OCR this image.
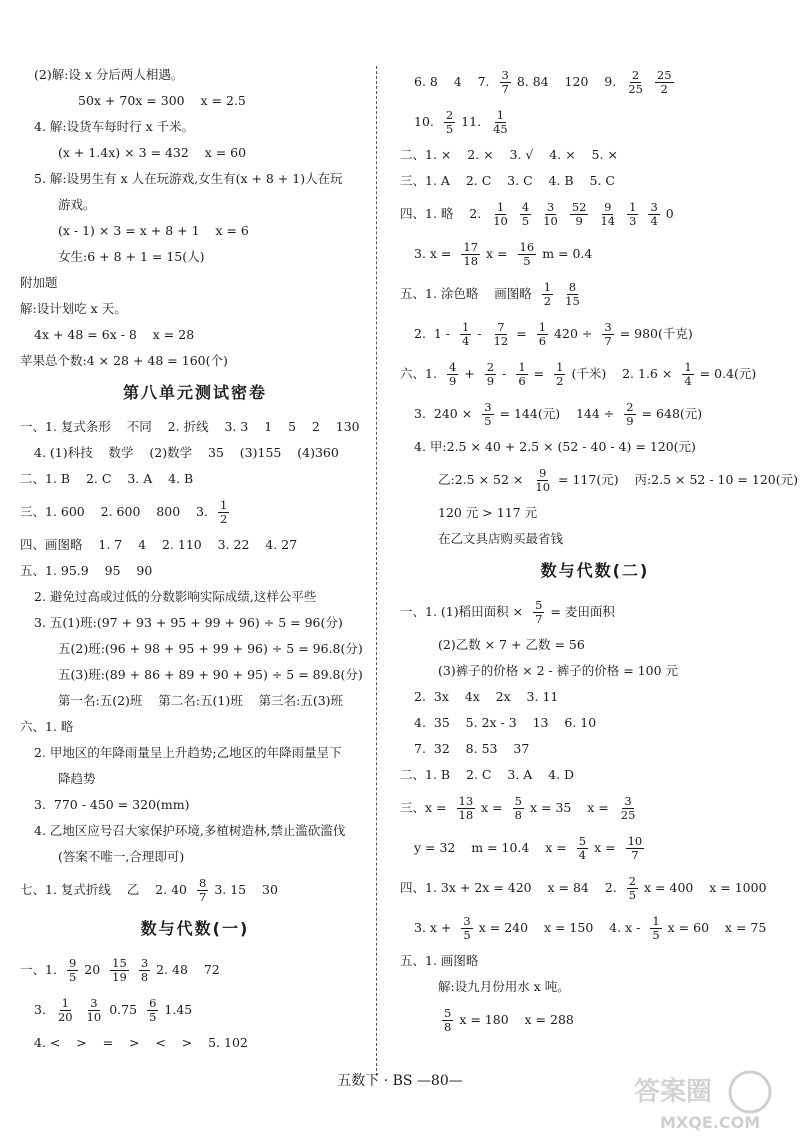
(2)解:设 x 分后两人相遇。
50x + 70x = 300    x = 2.5
4. 解:设货车每时行 x 千米。
(x + 1.4x) × 3 = 432    x = 60
5. 解:设男生有 x 人在玩游戏,女生有(x + 8 + 1)人在玩
游戏。
(x - 1) × 3 = x + 8 + 1    x = 6
女生:6 + 8 + 1 = 15(人)
附加题
解:设计划吃 x 天。
4x + 48 = 6x - 8    x = 28
苹果总个数:4 × 28 + 48 = 160(个)
第八单元测试密卷
一、1. 复式条形    不同    2. 折线    3. 3    1    5    2    130
4. (1)科技    数学    (2)数学    35    (3)155    (4)360
二、1. B    2. C    3. A    4. B
三、1. 600    2. 600    800    3. $\frac{1}{2}$
四、画图略    1. 7    4    2. 110    3. 22    4. 27
五、1. 95.9    95    90
2. 避免过高或过低的分数影响实际成绩,这样公平些
3. 五(1)班:(97 + 93 + 95 + 99 + 96) ÷ 5 = 96(分)
五(2)班:(96 + 98 + 95 + 99 + 96) ÷ 5 = 96.8(分)
五(3)班:(89 + 86 + 89 + 90 + 95) ÷ 5 = 89.8(分)
第一名:五(2)班    第二名:五(1)班    第三名:五(3)班
六、1. 略
2. 甲地区的年降雨量呈上升趋势;乙地区的年降雨量呈下
降趋势
3.  770 - 450 = 320(mm)
4. 乙地区应号召大家保护环境,多植树造林,禁止滥砍滥伐
(答案不唯一,合理即可)
七、1. 复式折线    乙    2. $40 \frac{8}{7} 3$. 15    30
数与代数(一)
一、1. $\frac{9}{5} 20 \frac{15}{19} \frac{3}{8} 2$. 48    72
3. $\frac{1}{20} \frac{3}{10} 0.75 \frac{6}{5} 1.45$
4. <    >    =    >    <    >    5. 102
6. 8    4    7. $\frac{3}{7} 8$. 84    120    9. $\frac{2}{25} \frac{25}{2}$
10. $\frac{2}{5} 11$. $\frac{1}{45}$
二、1. ×    2. ×    3. √    4. ×    5. ×
三、1. A    2. C    3. C    4. B    5. C
四、1. 略    2. $\frac{1}{10} \frac{4}{5} \frac{3}{10} \frac{52}{9} \frac{9}{14} \frac{1}{3} \frac{3}{4} 0$
3. $x = \frac{17}{18}$ $x = \frac{16}{5}$ m = 0.4
五、1. 涂色略    画图略 $\frac{1}{2} \frac{8}{15}$
2.  $1 - \frac{1}{4} - \frac{7}{12} = \frac{1}{6} 420 \div \frac{3}{7} = 980$(千克)
六、1. $\frac{4}{9} + \frac{2}{9} - \frac{1}{6} = \frac{1}{2}$ (千米)    2. $1.6 \times \frac{1}{4} = 0.4$(元)
3.  $240 \times \frac{3}{5} = 144$(元)    $144 \div \frac{2}{9} = 648$(元)
4. 甲:2.5 × 40 + 2.5 × (52 - 40 - 4) = 120(元)
乙:2.5 × $52 \times \frac{9}{10} = 117$(元)    丙:2.5 × 52 - 10 = 120(元)
120 元 > 117 元
在乙文具店购买最省钱
数与代数(二)
一、1. (1)稻田面积 × $\frac{5}{7}$ = 麦田面积
(2)乙数 × 7 + 乙数 = 56
(3)裤子的价格 × 2 - 裤子的价格 = 100 元
2.  3x    4x    2x    3. 11
4.  35    5. 2x - 3    13    6. 10
7.  32    8. 53    37
二、1. B    2. C    3. A    4. D
三、$x = \frac{13}{18}$ $x = \frac{5}{8}$ x = 35    $x = \frac{3}{25}$
y = 32    m = 10.4    $x = \frac{5}{4}$ $x = \frac{10}{7}$
四、1. 3x + 2x = 420    x = 84    2. $\frac{2}{5}$ x = 400    x = 1000
3. $x + \frac{3}{5}$ x = 240    x = 150    4. x - $\frac{1}{5}$ x = 60    x = 75
五、1. 画图略
解:设九月份用水 x 吨。
$\frac{5}{8}$ x = 180    x = 288
五数下 · BS —80—	答案圈
MXQE.COM
